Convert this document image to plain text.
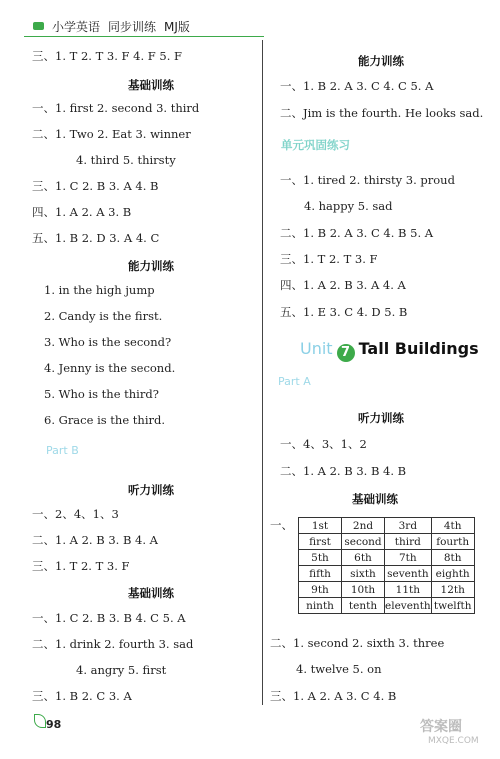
小学英语 同步训练 MJ版
三、1. T 2. T 3. F 4. F 5. F
基础训练
一、1. first 2. second 3. third
二、1. Two 2. Eat 3. winner
4. third 5. thirsty
三、1. C 2. B 3. A 4. B
四、1. A 2. A 3. B
五、1. B 2. D 3. A 4. C
能力训练
1. in the high jump
2. Candy is the first.
3. Who is the second?
4. Jenny is the second.
5. Who is the third?
6. Grace is the third.
Part B
听力训练
一、2、4、1、3
二、1. A 2. B 3. B 4. A
三、1. T 2. T 3. F
基础训练
一、1. C 2. B 3. B 4. C 5. A
二、1. drink 2. fourth 3. sad
4. angry 5. first
三、1. B 2. C 3. A
能力训练
一、1. B 2. A 3. C 4. C 5. A
二、Jim is the fourth. He looks sad.
单元巩固练习
一、1. tired 2. thirsty 3. proud
4. happy 5. sad
二、1. B 2. A 3. C 4. B 5. A
三、1. T 2. T 3. F
四、1. A 2. B 3. A 4. A
五、1. E 3. C 4. D 5. B
Unit 7 Tall Buildings
Part A
听力训练
一、4、3、1、2
二、1. A 2. B 3. B 4. B
基础训练
一、 1st	2nd	3rd	4th
first	second	third	fourth
5th	6th	7th	8th
fifth	sixth	seventh	eighth
9th	10th	11th	12th
ninth	tenth	eleventh	twelfth
二、1. second 2. sixth 3. three
4. twelve 5. on
三、1. A 2. A 3. C 4. B
98	答案圈
MXQE.COM
